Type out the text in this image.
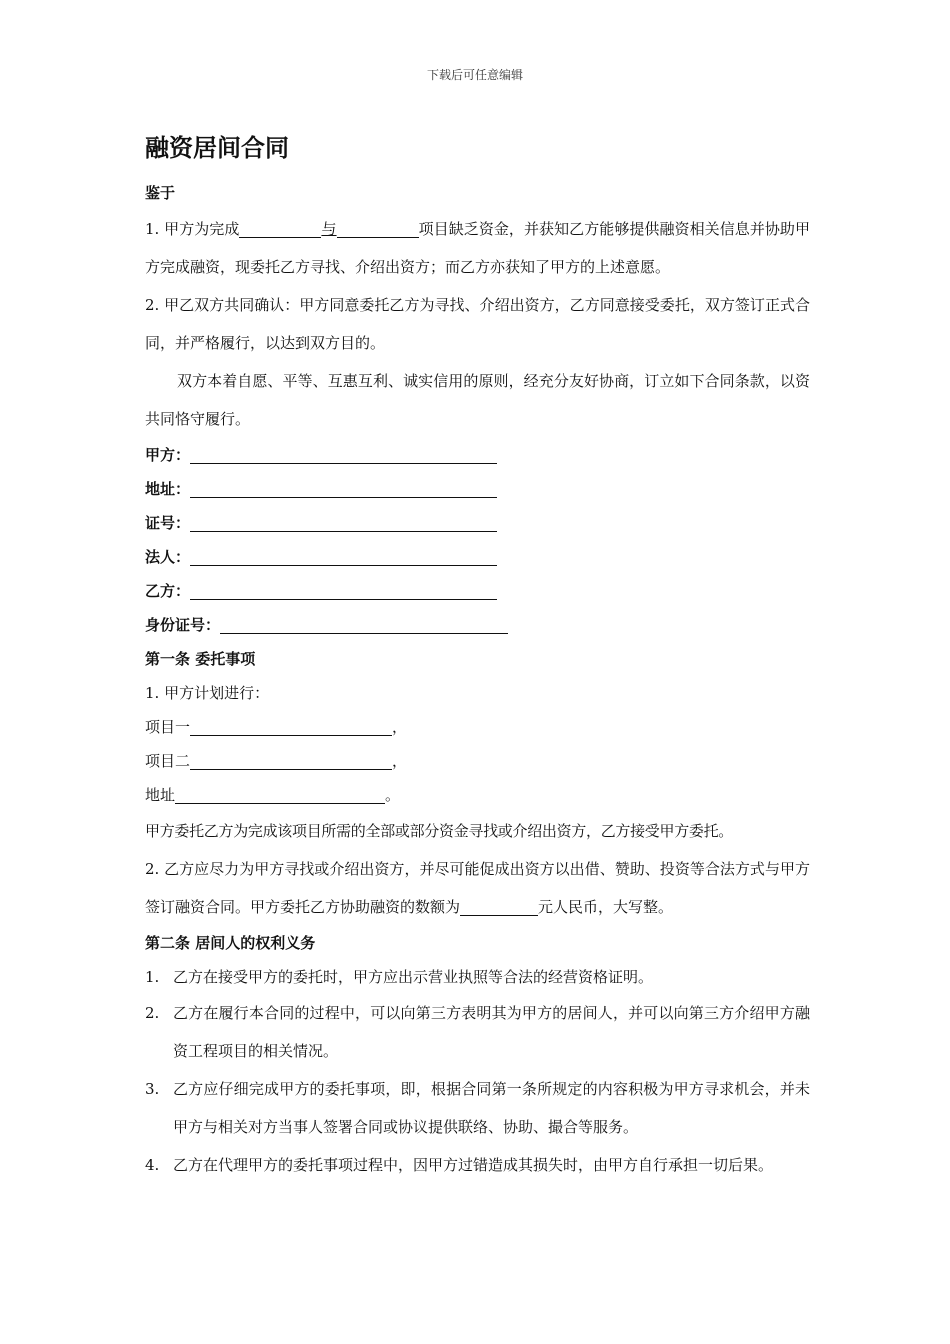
下载后可任意编辑
融资居间合同

鉴于

1. 甲方为完成	与	项目缺乏资金，并获知乙方能够提供融资相关信息并协助甲方完成融资，现委托乙方寻找、介绍出资方；而乙方亦获知了甲方的上述意愿。

2. 甲乙双方共同确认：甲方同意委托乙方为寻找、介绍出资方，乙方同意接受委托，双方签订正式合同，并严格履行，以达到双方目的。

双方本着自愿、平等、互惠互利、诚实信用的原则，经充分友好协商，订立如下合同条款，以资共同恪守履行。

甲方：

地址：

证号：

法人：

乙方：

身份证号：

第一条 委托事项

1. 甲方计划进行：

项目一	，

项目二	，

地址	。

甲方委托乙方为完成该项目所需的全部或部分资金寻找或介绍出资方，乙方接受甲方委托。

2. 乙方应尽力为甲方寻找或介绍出资方，并尽可能促成出资方以出借、赞助、投资等合法方式与甲方签订融资合同。甲方委托乙方协助融资的数额为	元人民币，大写整。

第二条 居间人的权利义务

1. 乙方在接受甲方的委托时，甲方应出示营业执照等合法的经营资格证明。
2. 乙方在履行本合同的过程中，可以向第三方表明其为甲方的居间人，并可以向第三方介绍甲方融资工程项目的相关情况。
3. 乙方应仔细完成甲方的委托事项，即，根据合同第一条所规定的内容积极为甲方寻求机会，并未甲方与相关对方当事人签署合同或协议提供联络、协助、撮合等服务。
4. 乙方在代理甲方的委托事项过程中，因甲方过错造成其损失时，由甲方自行承担一切后果。
